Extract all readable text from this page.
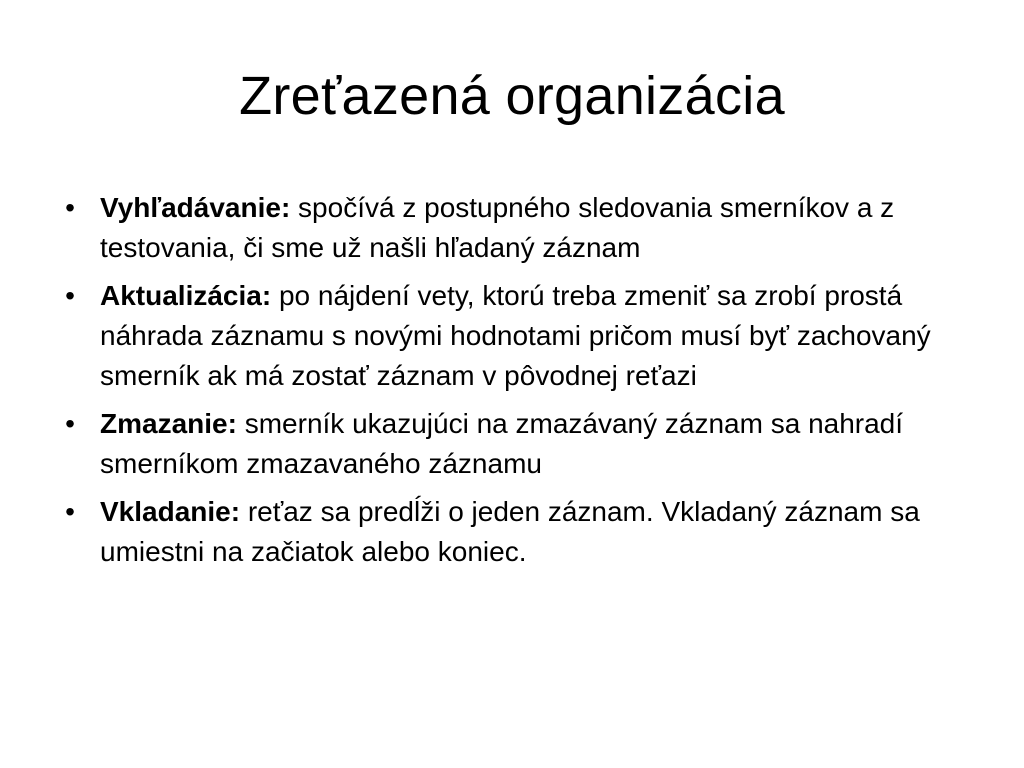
Zreťazená organizácia
• Vyhľadávanie: spočívá z postupného sledovania smerníkov a z testovania, či sme už našli hľadaný záznam
• Aktualizácia: po nájdení vety, ktorú treba zmeniť sa zrobí prostá náhrada záznamu s novými hodnotami pričom musí byť zachovaný smerník ak má zostať záznam v pôvodnej reťazi
• Zmazanie: smerník ukazujúci na zmazávaný záznam sa nahradí smerníkom zmazavaného záznamu
• Vkladanie: reťaz sa predĺži o jeden záznam. Vkladaný záznam sa umiestni na začiatok alebo koniec.
